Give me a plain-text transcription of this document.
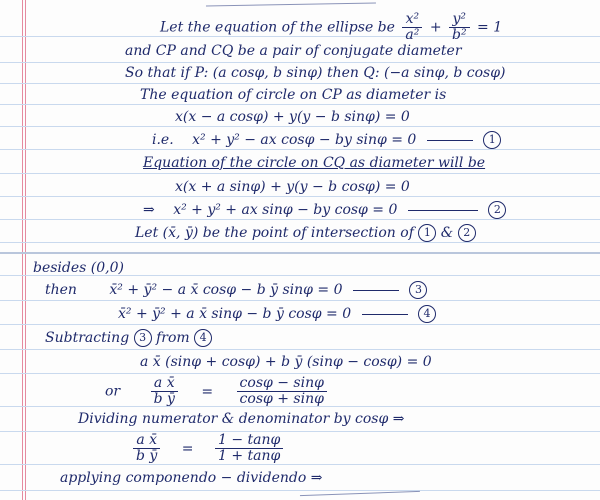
Let the equation of the ellipse be $\frac{\text{x²}}{\text{a²}} + \frac{\text{y²}}{\text{b²}} = 1$
and CP and CQ be a pair of conjugate diameter
So that if P: (a cosφ, b sinφ) then Q: (−a sinφ, b cosφ)
The equation of circle on CP as diameter is
x(x − a cosφ) + y(y − b sinφ) = 0
i.e. x² + y² − ax cosφ − by sinφ = 0	1
Equation of the circle on CQ as diameter will be
x(x + a sinφ) + y(y − b cosφ) = 0
⇒ x² + y² + ax sinφ − by cosφ = 0	2
Let (x̄, ȳ) be the point of intersection of 1 & 2
besides (0,0)
then x̄² + ȳ² − a x̄ cosφ − b ȳ sinφ = 0	3
x̄² + ȳ² + a x̄ sinφ − b ȳ cosφ = 0	4
Subtracting 3 from 4
a x̄ (sinφ + cosφ) + b ȳ (sinφ − cosφ) = 0
or $\frac{\text{a x̄}}{\text{b ȳ}} = \frac{\cos\varphi - \sin\varphi}{\cos\varphi + \sin\varphi}$
Dividing numerator & denominator by cosφ ⇒
$\frac{\text{a x̄}}{\text{b ȳ}} = \frac{1 - \tan\varphi}{1 + \tan\varphi}$
applying componendo − dividendo ⇒
